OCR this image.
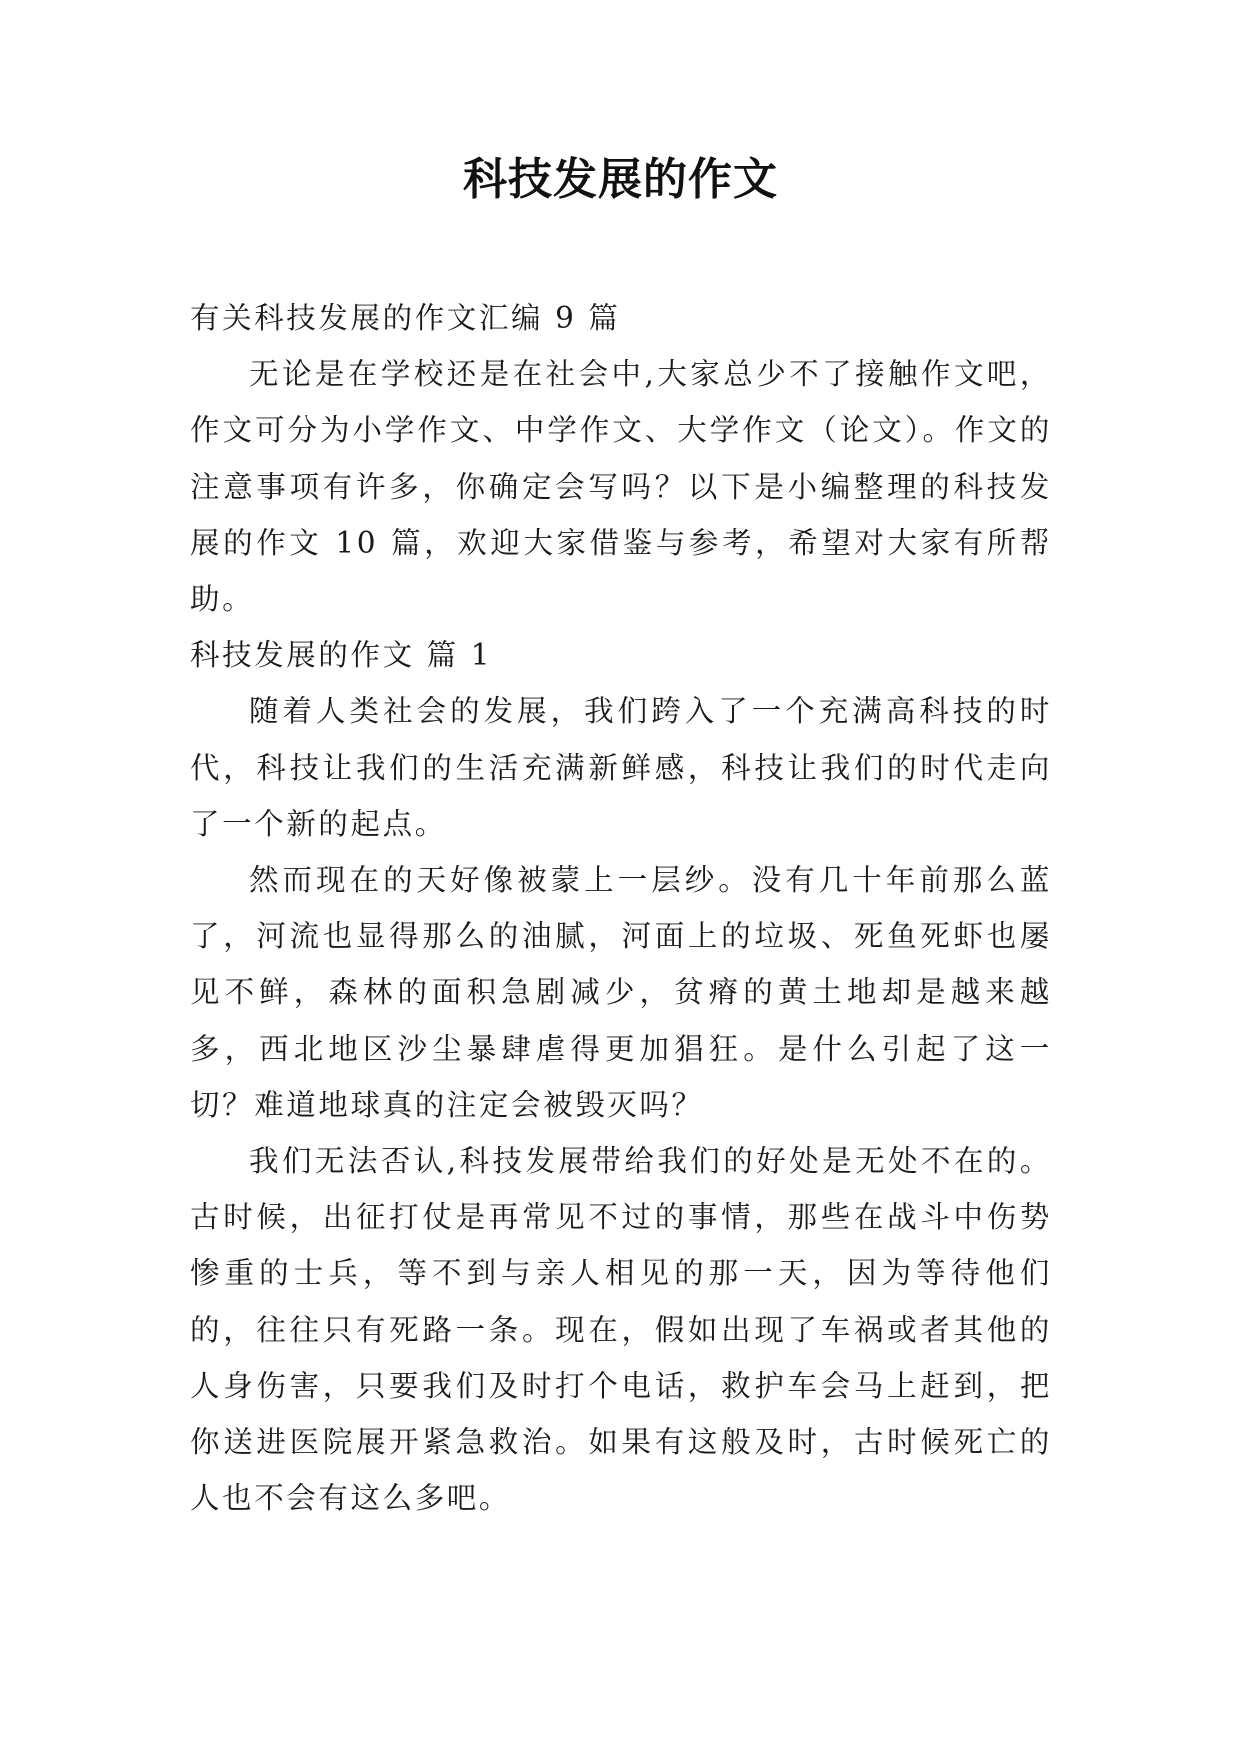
科技发展的作文

有关科技发展的作文汇编 9 篇

无论是在学校还是在社会中,大家总少不了接触作文吧，作文可分为小学作文、中学作文、大学作文（论文）。作文的注意事项有许多，你确定会写吗？以下是小编整理的科技发展的作文 10 篇，欢迎大家借鉴与参考，希望对大家有所帮助。

科技发展的作文 篇 1

随着人类社会的发展，我们跨入了一个充满高科技的时代，科技让我们的生活充满新鲜感，科技让我们的时代走向了一个新的起点。

然而现在的天好像被蒙上一层纱。没有几十年前那么蓝了，河流也显得那么的油腻，河面上的垃圾、死鱼死虾也屡见不鲜，森林的面积急剧减少，贫瘠的黄土地却是越来越多，西北地区沙尘暴肆虐得更加猖狂。是什么引起了这一切？难道地球真的注定会被毁灭吗？

我们无法否认,科技发展带给我们的好处是无处不在的。古时候，出征打仗是再常见不过的事情，那些在战斗中伤势惨重的士兵，等不到与亲人相见的那一天，因为等待他们的，往往只有死路一条。现在，假如出现了车祸或者其他的人身伤害，只要我们及时打个电话，救护车会马上赶到，把你送进医院展开紧急救治。如果有这般及时，古时候死亡的人也不会有这么多吧。
